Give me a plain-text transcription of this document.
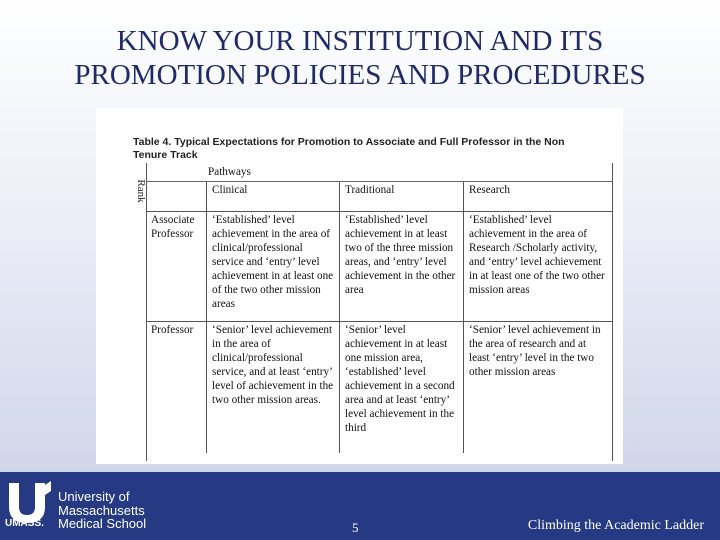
KNOW YOUR INSTITUTION AND ITS
PROMOTION POLICIES AND PROCEDURES
Table 4. Typical Expectations for Promotion to Associate and Full Professor in the Non
Tenure Track
Rank
Pathways			
	Clinical	Traditional	Research
Associate Professor	‘Established’ level achievement in the area of clinical/professional service and ‘entry’ level achievement in at least one of the two other mission areas	‘Established’ level achievement in at least two of the three mission areas, and ‘entry’ level achievement in the other area	‘Established’ level achievement in the area of Research /Scholarly activity, and ‘entry’ level achievement in at least one of the two other mission areas
Professor	‘Senior’ level achievement in the area of clinical/professional service, and at least ‘entry’ level of achievement in the two other mission areas.	‘Senior’ level achievement in at least one mission area, ‘established’ level achievement in a second area and at least ‘entry’ level achievement in the third	‘Senior’ level achievement in the area of research and at least ‘entry’ level in the two other mission areas
UMASS.
University of
Massachusetts
Medical School	5	Climbing the Academic Ladder
